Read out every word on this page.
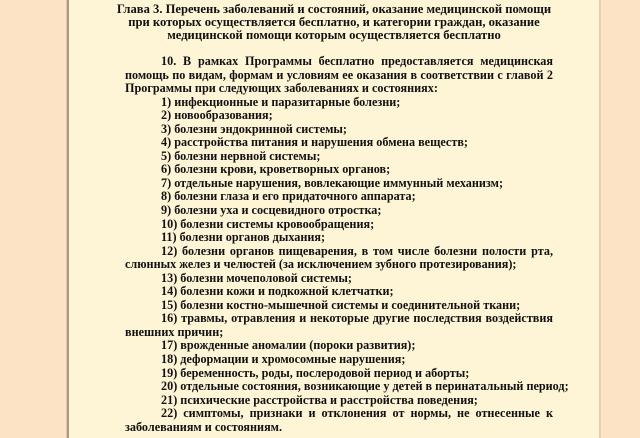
Глава 3. Перечень заболеваний и состояний, оказание медицинской помощи
при которых осуществляется бесплатно, и категории граждан, оказание
медицинской помощи которым осуществляется бесплатно
10. В рамках Программы бесплатно предоставляется медицинская помощь по видам, формам и условиям ее оказания в соответствии с главой 2 Программы при следующих заболеваниях и состояниях:
1) инфекционные и паразитарные болезни;
2) новообразования;
3) болезни эндокринной системы;
4) расстройства питания и нарушения обмена веществ;
5) болезни нервной системы;
6) болезни крови, кроветворных органов;
7) отдельные нарушения, вовлекающие иммунный механизм;
8) болезни глаза и его придаточного аппарата;
9) болезни уха и сосцевидного отростка;
10) болезни системы кровообращения;
11) болезни органов дыхания;
12) болезни органов пищеварения, в том числе болезни полости рта, слюнных желез и челюстей (за исключением зубного протезирования);
13) болезни мочеполовой системы;
14) болезни кожи и подкожной клетчатки;
15) болезни костно-мышечной системы и соединительной ткани;
16) травмы, отравления и некоторые другие последствия воздействия внешних причин;
17) врожденные аномалии (пороки развития);
18) деформации и хромосомные нарушения;
19) беременность, роды, послеродовой период и аборты;
20) отдельные состояния, возникающие у детей в перинатальный период;
21) психические расстройства и расстройства поведения;
22) симптомы, признаки и отклонения от нормы, не отнесенные к заболеваниям и состояниям.
